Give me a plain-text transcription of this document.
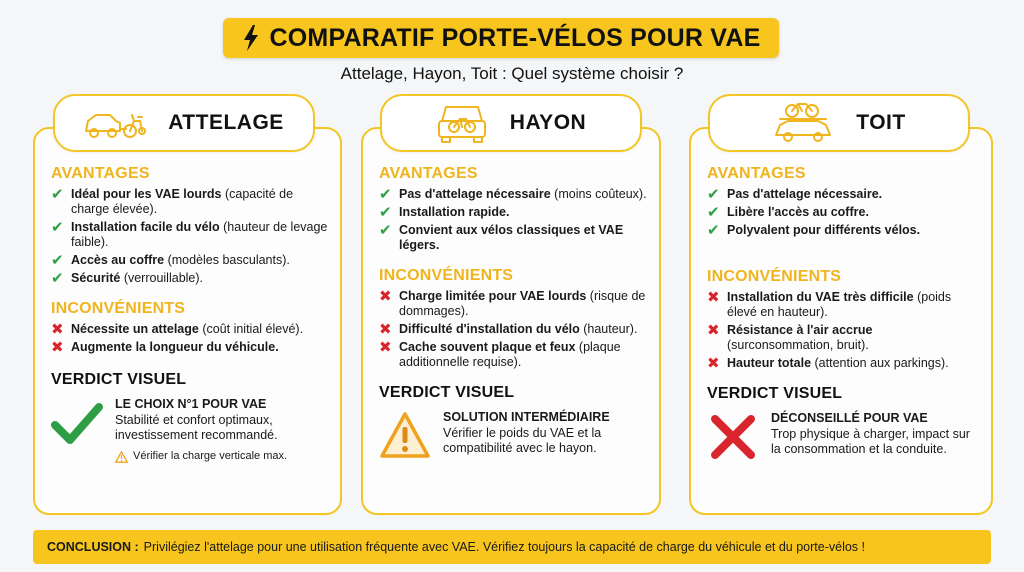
COMPARATIF PORTE-VÉLOS POUR VAE
Attelage, Hayon, Toit : Quel système choisir ?
AVANTAGES
✔ Idéal pour les VAE lourds (capacité de charge élevée).
✔ Installation facile du vélo (hauteur de levage faible).
✔ Accès au coffre (modèles basculants).
✔ Sécurité (verrouillable).
INCONVÉNIENTS
✖ Nécessite un attelage (coût initial élevé).
✖ Augmente la longueur du véhicule.
VERDICT VISUEL
LE CHOIX N°1 POUR VAE
Stabilité et confort optimaux, investissement recommandé.
Vérifier la charge verticale max.
ATTELAGE
AVANTAGES
✔ Pas d'attelage nécessaire (moins coûteux).
✔ Installation rapide.
✔ Convient aux vélos classiques et VAE légers.
INCONVÉNIENTS
✖ Charge limitée pour VAE lourds (risque de dommages).
✖ Difficulté d'installation du vélo (hauteur).
✖ Cache souvent plaque et feux (plaque additionnelle requise).
VERDICT VISUEL
SOLUTION INTERMÉDIAIRE
Vérifier le poids du VAE et la compatibilité avec le hayon.
HAYON
AVANTAGES
✔ Pas d'attelage nécessaire.
✔ Libère l'accès au coffre.
✔ Polyvalent pour différents vélos.
INCONVÉNIENTS
✖ Installation du VAE très difficile (poids élevé en hauteur).
✖ Résistance à l'air accrue (surconsommation, bruit).
✖ Hauteur totale (attention aux parkings).
VERDICT VISUEL
DÉCONSEILLÉ POUR VAE
Trop physique à charger, impact sur la consommation et la conduite.
TOIT
CONCLUSION : Privilégiez l'attelage pour une utilisation fréquente avec VAE. Vérifiez toujours la capacité de charge du véhicule et du porte-vélos !
